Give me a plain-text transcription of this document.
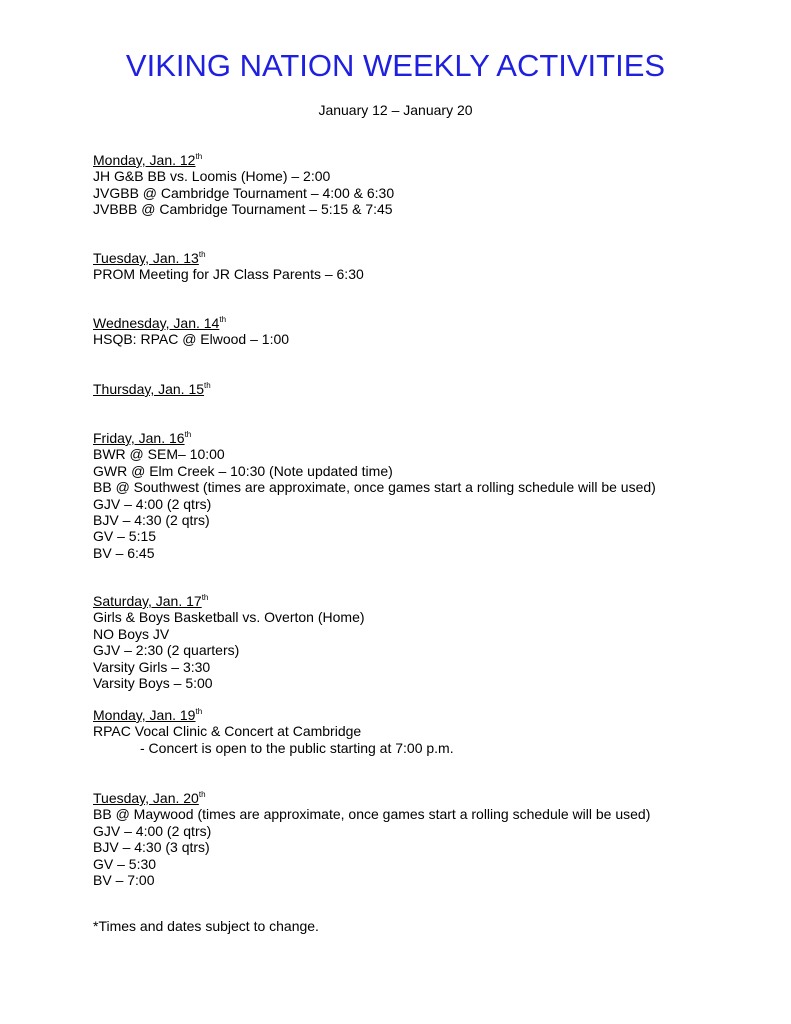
VIKING NATION WEEKLY ACTIVITIES
January 12 – January 20
Monday, Jan. 12th
JH G&B BB vs. Loomis (Home) – 2:00
JVGBB @ Cambridge Tournament – 4:00 & 6:30
JVBBB @ Cambridge Tournament – 5:15 & 7:45
Tuesday, Jan. 13th
PROM Meeting for JR Class Parents – 6:30
Wednesday, Jan. 14th
HSQB: RPAC @ Elwood – 1:00
Thursday, Jan. 15th
Friday, Jan. 16th
BWR @ SEM– 10:00
GWR @ Elm Creek – 10:30 (Note updated time)
BB @ Southwest (times are approximate, once games start a rolling schedule will be used)
GJV – 4:00 (2 qtrs)
BJV – 4:30 (2 qtrs)
GV – 5:15
BV – 6:45
Saturday, Jan. 17th
Girls & Boys Basketball vs. Overton (Home)
NO Boys JV
GJV – 2:30 (2 quarters)
Varsity Girls – 3:30
Varsity Boys – 5:00
Monday, Jan. 19th
RPAC Vocal Clinic & Concert at Cambridge
- Concert is open to the public starting at 7:00 p.m.
Tuesday, Jan. 20th
BB @ Maywood (times are approximate, once games start a rolling schedule will be used)
GJV – 4:00 (2 qtrs)
BJV – 4:30 (3 qtrs)
GV – 5:30
BV – 7:00
*Times and dates subject to change.
